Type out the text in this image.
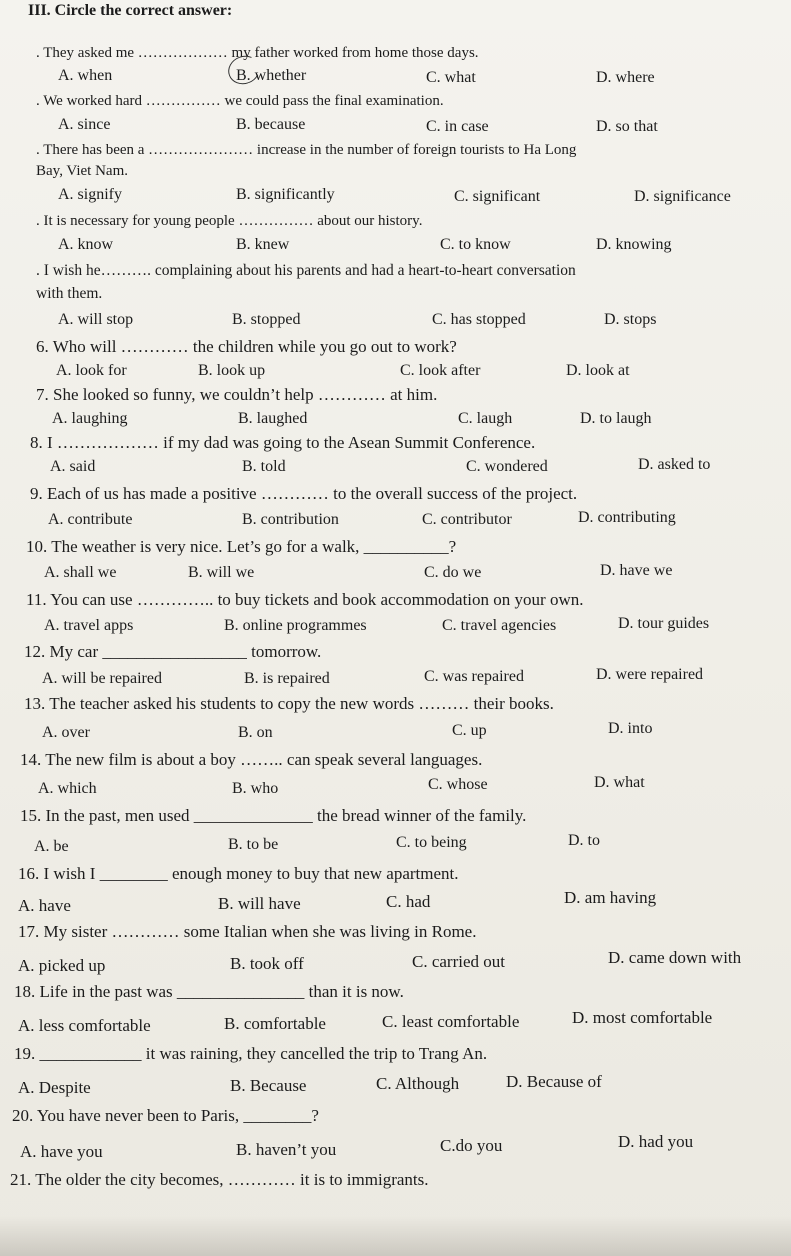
III. Circle the correct answer:
. They asked me ……………… my father worked from home those days.
A. when	B. whether	C. what	D. where
. We worked hard …………… we could pass the final examination.
A. since	B. because	C. in case	D. so that
. There has been a ………………… increase in the number of foreign tourists to Ha Long
Bay, Viet Nam.
A. signify	B. significantly	C. significant	D. significance
. It is necessary for young people …………… about our history.
A. know	B. knew	C. to know	D. knowing
. I wish he………. complaining about his parents and had a heart-to-heart conversation
with them.
A. will stop	B. stopped	C. has stopped	D. stops
6. Who will ………… the children while you go out to work?
A. look for	B. look up	C. look after	D. look at
7. She looked so funny, we couldn’t help ………… at him.
A. laughing	B. laughed	C. laugh	D. to laugh
8. I ……………… if my dad was going to the Asean Summit Conference.
A. said	B. told	C. wondered	D. asked to
9. Each of us has made a positive ………… to the overall success of the project.
A. contribute	B. contribution	C. contributor	D. contributing
10. The weather is very nice. Let’s go for a walk, __________?
A. shall we	B. will we	C. do we	D. have we
11. You can use ………….. to buy tickets and book accommodation on your own.
A. travel apps	B. online programmes	C. travel agencies	D. tour guides
12. My car _________________ tomorrow.
A. will be repaired	B. is repaired	C. was repaired	D. were repaired
13. The teacher asked his students to copy the new words ……… their books.
A. over	B. on	C. up	D. into
14. The new film is about a boy …….. can speak several languages.
A. which	B. who	C. whose	D. what
15. In the past, men used ______________ the bread winner of the family.
A. be	B. to be	C. to being	D. to
16. I wish I ________ enough money to buy that new apartment.
A. have	B. will have	C. had	D. am having
17. My sister ………… some Italian when she was living in Rome.
A. picked up	B. took off	C. carried out	D. came down with
18. Life in the past was _______________ than it is now.
A. less comfortable	B. comfortable	C. least comfortable	D. most comfortable
19. ____________ it was raining, they cancelled the trip to Trang An.
A. Despite	B. Because	C. Although	D. Because of
20. You have never been to Paris, ________?
A. have you	B. haven’t you	C.do you	D. had you
21. The older the city becomes, ………… it is to immigrants.
